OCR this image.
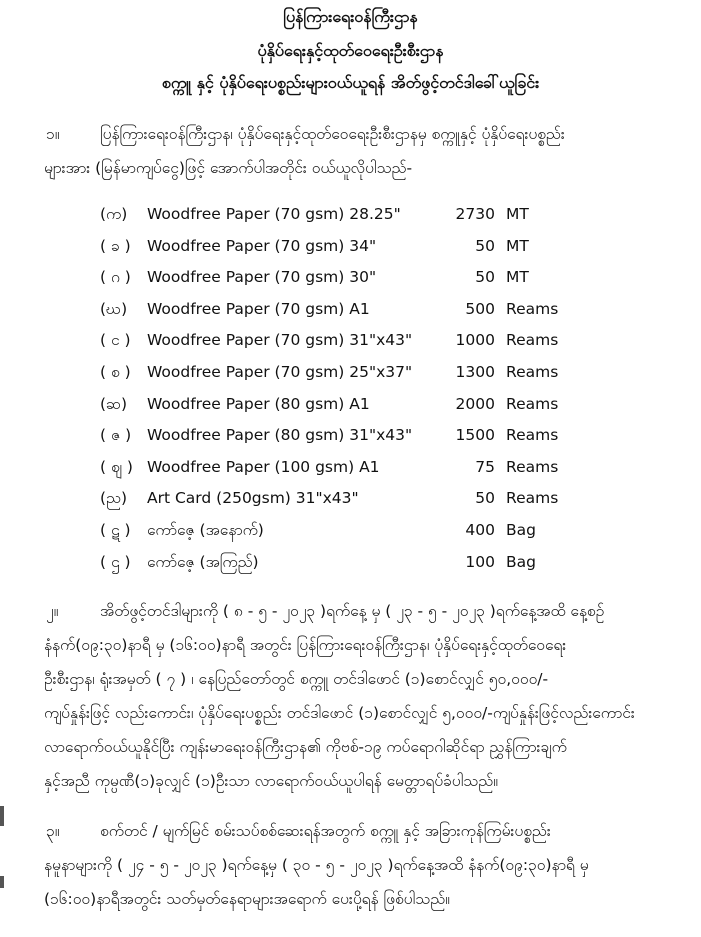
ပြန်ကြားရေးဝန်ကြီးဌာန
ပုံနှိပ်ရေးနှင့်ထုတ်ဝေရေးဦးစီးဌာန
စက္ကူ နှင့် ပုံနှိပ်ရေးပစ္စည်းများဝယ်ယူရန် အိတ်ဖွင့်တင်ဒါခေါ်ယူခြင်း
၁။	ပြန်ကြားရေးဝန်ကြီးဌာန၊ ပုံနှိပ်ရေးနှင့်ထုတ်ဝေရေးဦးစီးဌာနမှ စက္ကူနှင့် ပုံနှိပ်ရေးပစ္စည်း
များအား (မြန်မာကျပ်ငွေ)ဖြင့် အောက်ပါအတိုင်း ဝယ်ယူလိုပါသည်-
(က)	Woodfree Paper (70 gsm) 28.25"	2730 MT
( ခ )	Woodfree Paper (70 gsm) 34"	50 MT
( ဂ )	Woodfree Paper (70 gsm) 30"	50 MT
(ဃ)	Woodfree Paper (70 gsm) A1	500 Reams
( င )	Woodfree Paper (70 gsm) 31"x43"	1000 Reams
( စ )	Woodfree Paper (70 gsm) 25"x37"	1300 Reams
(ဆ)	Woodfree Paper (80 gsm) A1	2000 Reams
( ဇ )	Woodfree Paper (80 gsm) 31"x43"	1500 Reams
( ဈ ) Woodfree Paper (100 gsm) A1	75 Reams
(ည)	Art Card (250gsm) 31"x43"	50 Reams
( ဋ )	ကော်ဇေ့ (အနောက်)	400 Bag
( ဌ )	ကော်ဇေ့ (အကြည်)	100 Bag
၂။	အိတ်ဖွင့်တင်ဒါများကို ( ၈ - ၅ - ၂၀၂၃ )ရက်နေ့ မှ ( ၂၃ - ၅ - ၂၀၂၃ )ရက်နေ့အထိ နေ့စဉ်
နံနက်(၀၉:၃၀)နာရီ မှ (၁၆:၀၀)နာရီ အတွင်း ပြန်ကြားရေးဝန်ကြီးဌာန၊ ပုံနှိပ်ရေးနှင့်ထုတ်ဝေရေး
ဦးစီးဌာန၊ ရုံးအမှတ် ( ၇ ) ၊ နေပြည်တော်တွင် စက္ကူ တင်ဒါဖောင် (၁)စောင်လျှင် ၅၀,၀၀၀/-
ကျပ်နှုန်းဖြင့် လည်းကောင်း၊ ပုံနှိပ်ရေးပစ္စည်း တင်ဒါဖောင် (၁)စောင်လျှင် ၅,၀၀၀/-ကျပ်နှုန်းဖြင့်လည်းကောင်း
လာရောက်ဝယ်ယူနိုင်ပြီး ကျန်းမာရေးဝန်ကြီးဌာန၏ ကိုဗစ်-၁၉ ကပ်ရောဂါဆိုင်ရာ ညွှန်ကြားချက်
နှင့်အညီ ကုမ္ပဏီ(၁)ခုလျှင် (၁)ဦးသာ လာရောက်ဝယ်ယူပါရန် မေတ္တာရပ်ခံပါသည်။
၃။	စက်တင် / မျက်မြင် စမ်းသပ်စစ်ဆေးရန်အတွက် စက္ကူ နှင့် အခြားကုန်ကြမ်းပစ္စည်း
နမူနာများကို ( ၂၄ - ၅ - ၂၀၂၃ )ရက်နေ့မှ ( ၃၀ - ၅ - ၂၀၂၃ )ရက်နေ့အထိ နံနက်(၀၉:၃၀)နာရီ မှ
(၁၆:၀၀)နာရီအတွင်း သတ်မှတ်နေရာများအရောက် ပေးပို့ရန် ဖြစ်ပါသည်။
